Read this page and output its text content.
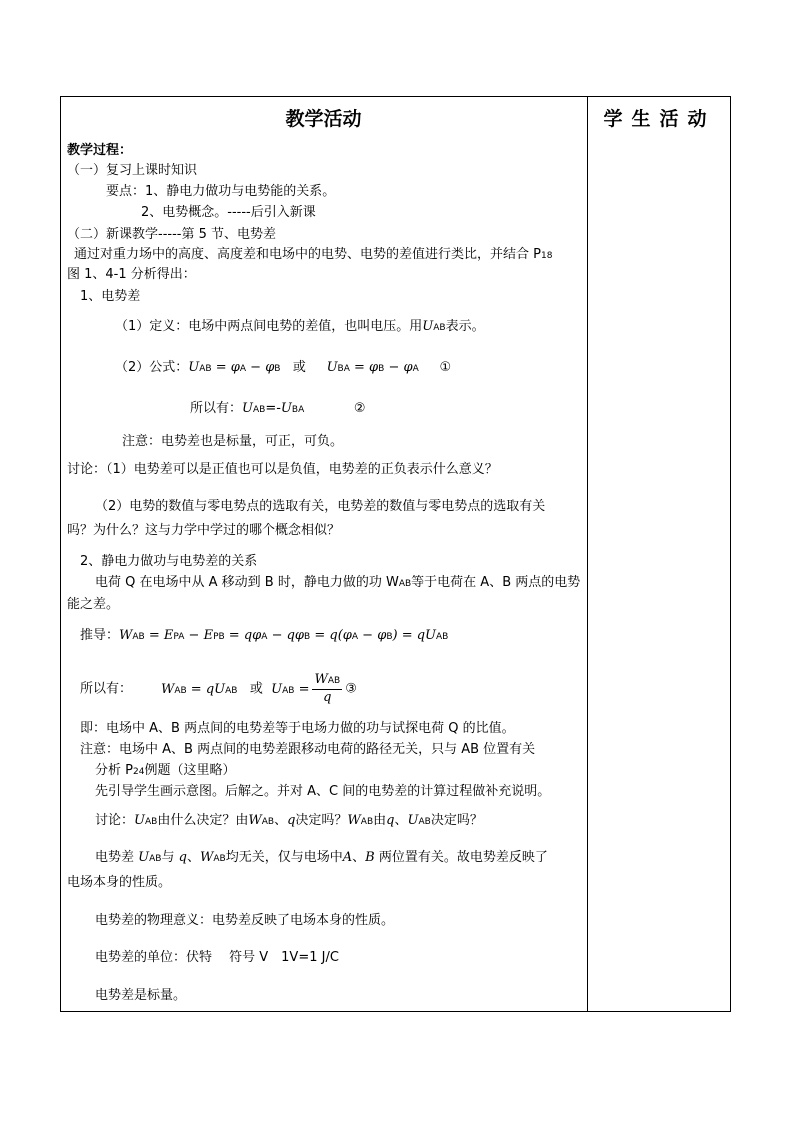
教学活动	学生活动
教学过程：
（一）复习上课时知识
要点：1、静电力做功与电势能的关系。
2、电势概念。-----后引入新课
（二）新课教学-----第 5 节、电势差
通过对重力场中的高度、高度差和电场中的电势、电势的差值进行类比，并结合 P18
图 1、4-1 分析得出：
1、电势差
（1）定义：电场中两点间电势的差值，也叫电压。用UAB表示。
（2）公式：UAB = φA − φB 或 UBA = φB − φA ①
所以有：UAB=-UBA	②
注意：电势差也是标量，可正，可负。
讨论：（1）电势差可以是正值也可以是负值，电势差的正负表示什么意义？
（2）电势的数值与零电势点的选取有关，电势差的数值与零电势点的选取有关
吗？为什么？这与力学中学过的哪个概念相似？
2、静电力做功与电势差的关系
电荷 Q 在电场中从 A 移动到 B 时，静电力做的功 WAB等于电荷在 A、B 两点的电势
能之差。
推导：WAB = EPA − EPB = qφA − qφB = q(φA − φB) = qUAB
所以有： WAB = qUAB 或 UAB = $\frac{\text{WAB}}{q}$ ③
即：电场中 A、B 两点间的电势差等于电场力做的功与试探电荷 Q 的比值。
注意：电场中 A、B 两点间的电势差跟移动电荷的路径无关，只与 AB 位置有关
分析 P24例题（这里略）
先引导学生画示意图。后解之。并对 A、C 间的电势差的计算过程做补充说明。
讨论：UAB由什么决定？由WAB、q决定吗？WAB由q、UAB决定吗？
电势差 UAB与 q、WAB均无关，仅与电场中A、B 两位置有关。故电势差反映了
电场本身的性质。
电势差的物理意义：电势差反映了电场本身的性质。
电势差的单位：伏特　 符号 V　1V=1 J/C
电势差是标量。
